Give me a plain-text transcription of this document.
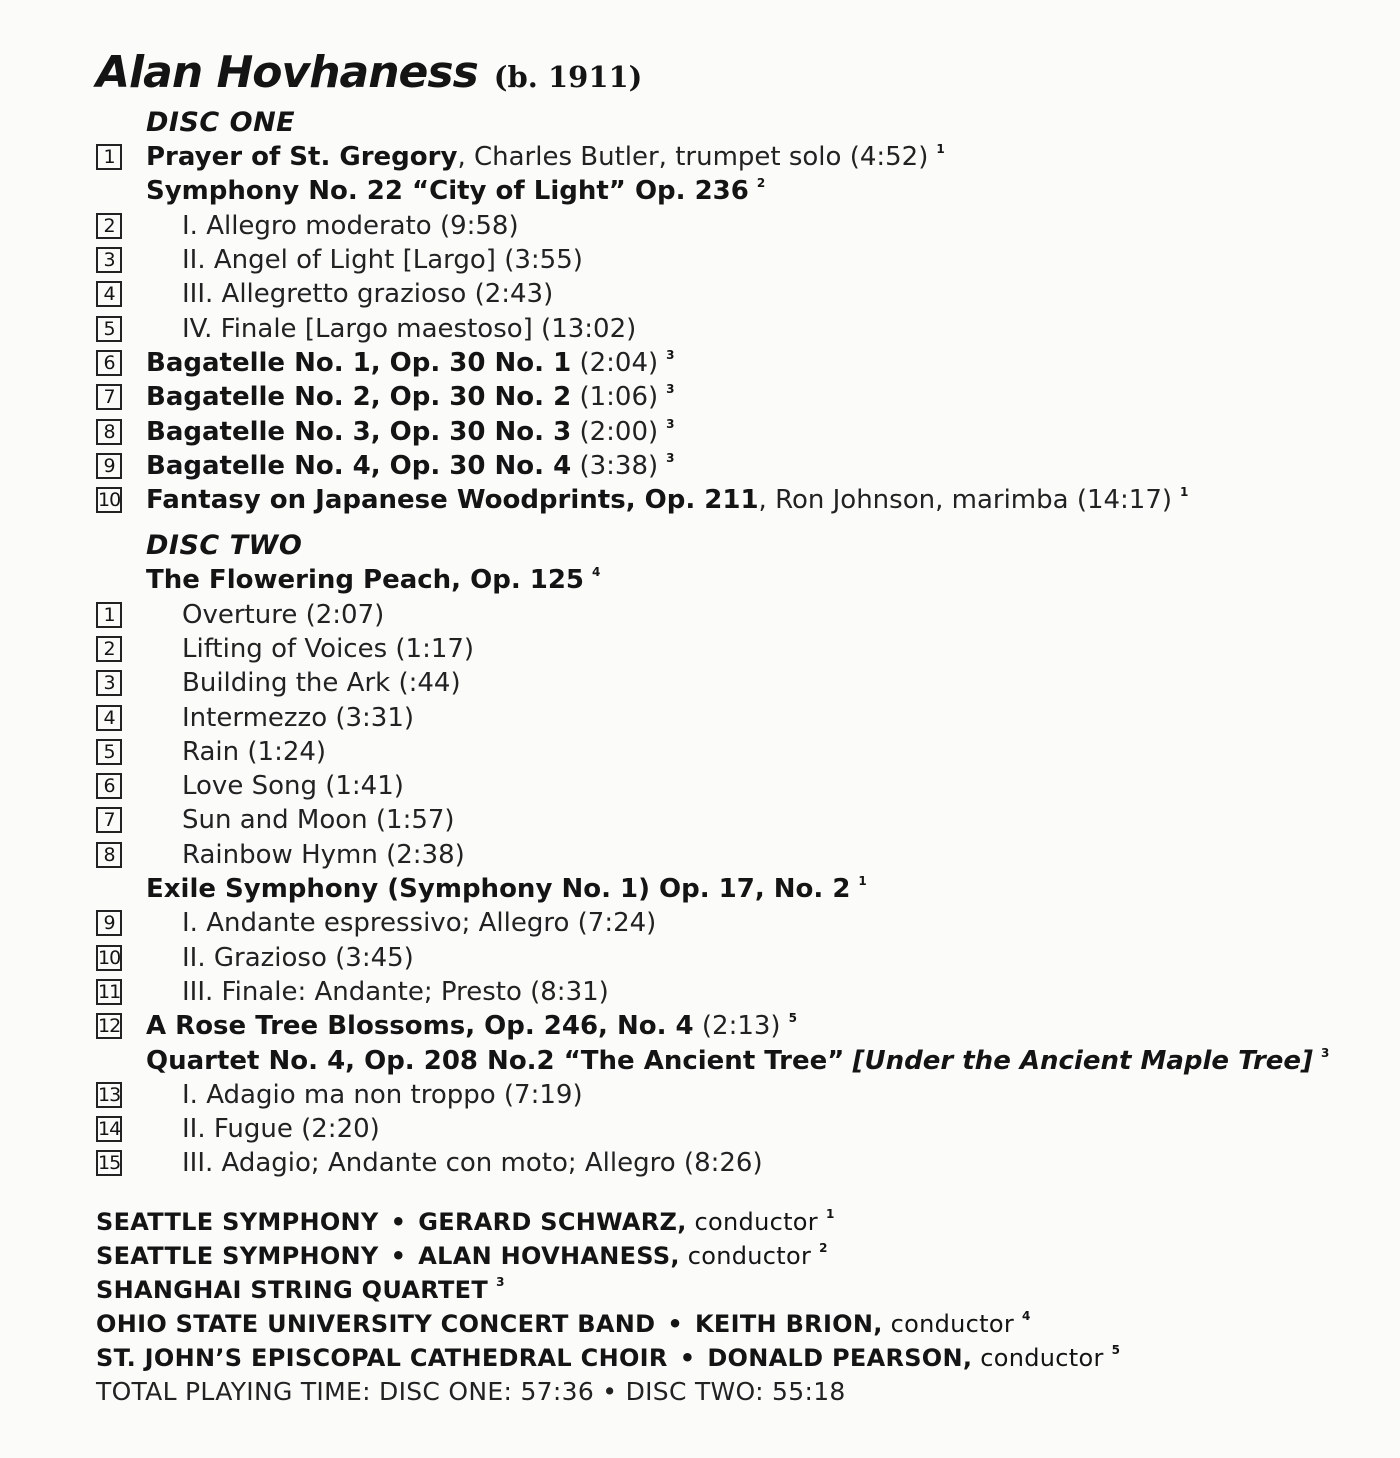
Alan Hovhaness (b. 1911)
DISC ONE
1 Prayer of St. Gregory, Charles Butler, trumpet solo (4:52) $^1$
Symphony No. 22 “City of Light” Op. 236 $^2$
2	I. Allegro moderato (9:58)
3	II. Angel of Light [Largo] (3:55)
4	III. Allegretto grazioso (2:43)
5	IV. Finale [Largo maestoso] (13:02)
6 Bagatelle No. 1, Op. 30 No. 1 (2:04) $^3$
7 Bagatelle No. 2, Op. 30 No. 2 (1:06) $^3$
8 Bagatelle No. 3, Op. 30 No. 3 (2:00) $^3$
9 Bagatelle No. 4, Op. 30 No. 4 (3:38) $^3$
10 Fantasy on Japanese Woodprints, Op. 211, Ron Johnson, marimba (14:17) $^1$
DISC TWO
The Flowering Peach, Op. 125 $^4$
1	Overture (2:07)
2	Lifting of Voices (1:17)
3	Building the Ark (:44)
4	Intermezzo (3:31)
5	Rain (1:24)
6	Love Song (1:41)
7	Sun and Moon (1:57)
8	Rainbow Hymn (2:38)
Exile Symphony (Symphony No. 1) Op. 17, No. 2 $^1$
9	I. Andante espressivo; Allegro (7:24)
10 II. Grazioso (3:45)
11 III. Finale: Andante; Presto (8:31)
12 A Rose Tree Blossoms, Op. 246, No. 4 (2:13) $^5$
Quartet No. 4, Op. 208 No.2 “The Ancient Tree” [Under the Ancient Maple Tree] $^3$
13 I. Adagio ma non troppo (7:19)
14 II. Fugue (2:20)
15 III. Adagio; Andante con moto; Allegro (8:26)
SEATTLE SYMPHONY • GERARD SCHWARZ, conductor $^1$
SEATTLE SYMPHONY • ALAN HOVHANESS, conductor $^2$
SHANGHAI STRING QUARTET $^3$
OHIO STATE UNIVERSITY CONCERT BAND • KEITH BRION, conductor $^4$
ST. JOHN’S EPISCOPAL CATHEDRAL CHOIR • DONALD PEARSON, conductor $^5$
TOTAL PLAYING TIME: DISC ONE: 57:36 • DISC TWO: 55:18
